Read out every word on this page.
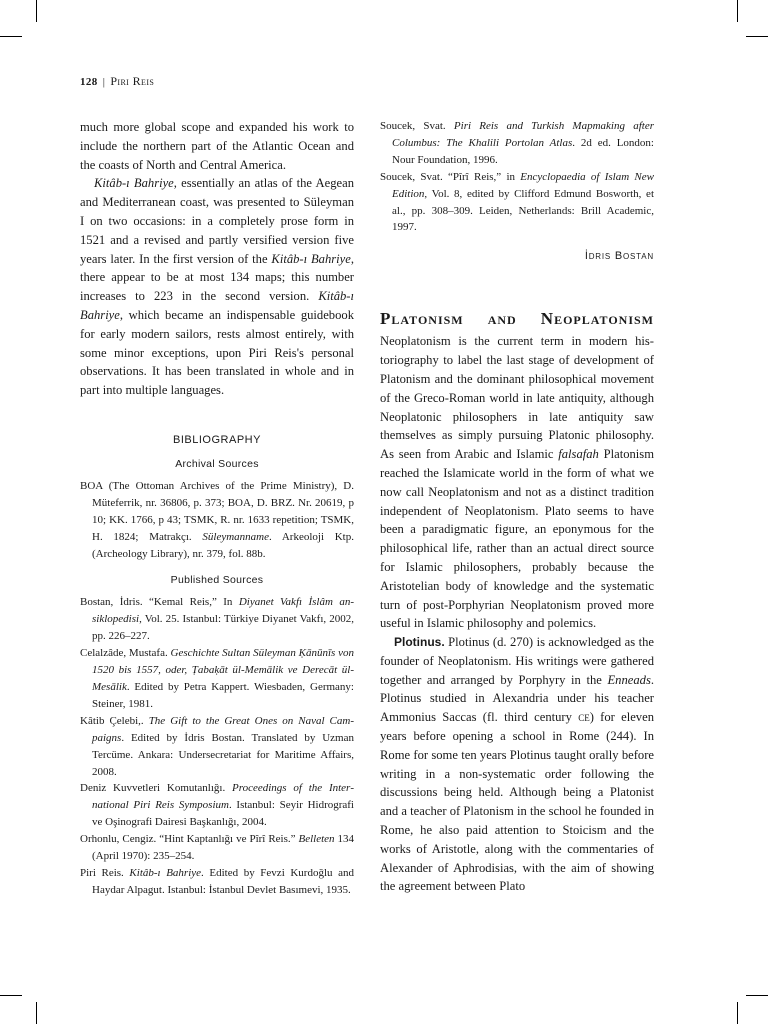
128 | Piri Reis

much more global scope and expanded his work to include the northern part of the Atlantic Ocean and the coasts of North and Central America.

Kitâb-ı Bahriye, essentially an atlas of the Aegean and Mediterranean coast, was presented to Süleyman I on two occasions: in a completely prose form in 1521 and a revised and partly versified version five years later. In the first version of the Kitâb-ı Bahriye, there appear to be at most 134 maps; this number increases to 223 in the second version. Kitâb-ı Bahriye, which became an indispensable guidebook for early modern sailors, rests almost entirely, with some minor exceptions, upon Piri Reis's personal observations. It has been translated in whole and in part into multiple languages.

BIBLIOGRAPHY
Archival Sources
BOA (The Ottoman Archives of the Prime Ministry), D. Müteferrik, nr. 36806, p. 373; BOA, D. BRZ. Nr. 20619, p 10; KK. 1766, p 43; TSMK, R. nr. 1633 repetition; TSMK, H. 1824; Matrakçı. Süleymanname. Arkeoloji Ktp. (Archeology Library), nr. 379, fol. 88b.
Published Sources
Bostan, İdris. “Kemal Reis,” In Diyanet Vakfı İslâm ansiklopedisi, Vol. 25. Istanbul: Türkiye Diyanet Vakfı, 2002, pp. 226–227.
Celalzâde, Mustafa. Geschichte Sultan Süleyman Ḳānūnīs von 1520 bis 1557, oder, Ṭabaḳāt ül-Memālik ve Derecāt ül-Mesālik. Edited by Petra Kappert. Wiesbaden, Germany: Steiner, 1981.
Kâtib Çelebi,. The Gift to the Great Ones on Naval Campaigns. Edited by İdris Bostan. Translated by Uzman Tercüme. Ankara: Undersecretariat for Maritime Affairs, 2008.
Deniz Kuvvetleri Komutanlığı. Proceedings of the International Piri Reis Symposium. Istanbul: Seyir Hidrografi ve Oşinografi Dairesi Başkanlığı, 2004.
Orhonlu, Cengiz. “Hint Kaptanlığı ve Pîrî Reis.” Belleten 134 (April 1970): 235–254.
Piri Reis. Kitâb-ı Bahriye. Edited by Fevzi Kurdoğlu and Haydar Alpagut. Istanbul: İstanbul Devlet Basımevi, 1935.
Soucek, Svat. Piri Reis and Turkish Mapmaking after Columbus: The Khalili Portolan Atlas. 2d ed. London: Nour Foundation, 1996.
Soucek, Svat. “Pîrî Reis,” in Encyclopaedia of Islam New Edition, Vol. 8, edited by Clifford Edmund Bosworth, et al., pp. 308–309. Leiden, Netherlands: Brill Academic, 1997.
İdris Bostan
Platonism and Neoplatonism

Neoplatonism is the current term in modern historiography to label the last stage of development of Platonism and the dominant philosophical movement of the Greco-Roman world in late antiquity, although Neoplatonic philosophers in late antiquity saw themselves as simply pursuing Platonic philosophy. As seen from Arabic and Islamic falsafah Platonism reached the Islamicate world in the form of what we now call Neoplatonism and not as a distinct tradition independent of Neoplatonism. Plato seems to have been a paradigmatic figure, an eponymous for the philosophical life, rather than an actual direct source for Islamic philosophers, probably because the Aristotelian body of knowledge and the systematic turn of post-Porphyrian Neoplatonism proved more useful in Islamic philosophy and polemics.

Plotinus. Plotinus (d. 270) is acknowledged as the founder of Neoplatonism. His writings were gathered together and arranged by Porphyry in the Enneads. Plotinus studied in Alexandria under his teacher Ammonius Saccas (fl. third century ce) for eleven years before opening a school in Rome (244). In Rome for some ten years Plotinus taught orally before writing in a non-systematic order following the discussions being held. Although being a Platonist and a teacher of Platonism in the school he founded in Rome, he also paid attention to Stoicism and the works of Aristotle, along with the commentaries of Alexander of Aphrodisias, with the aim of showing the agreement between Plato
